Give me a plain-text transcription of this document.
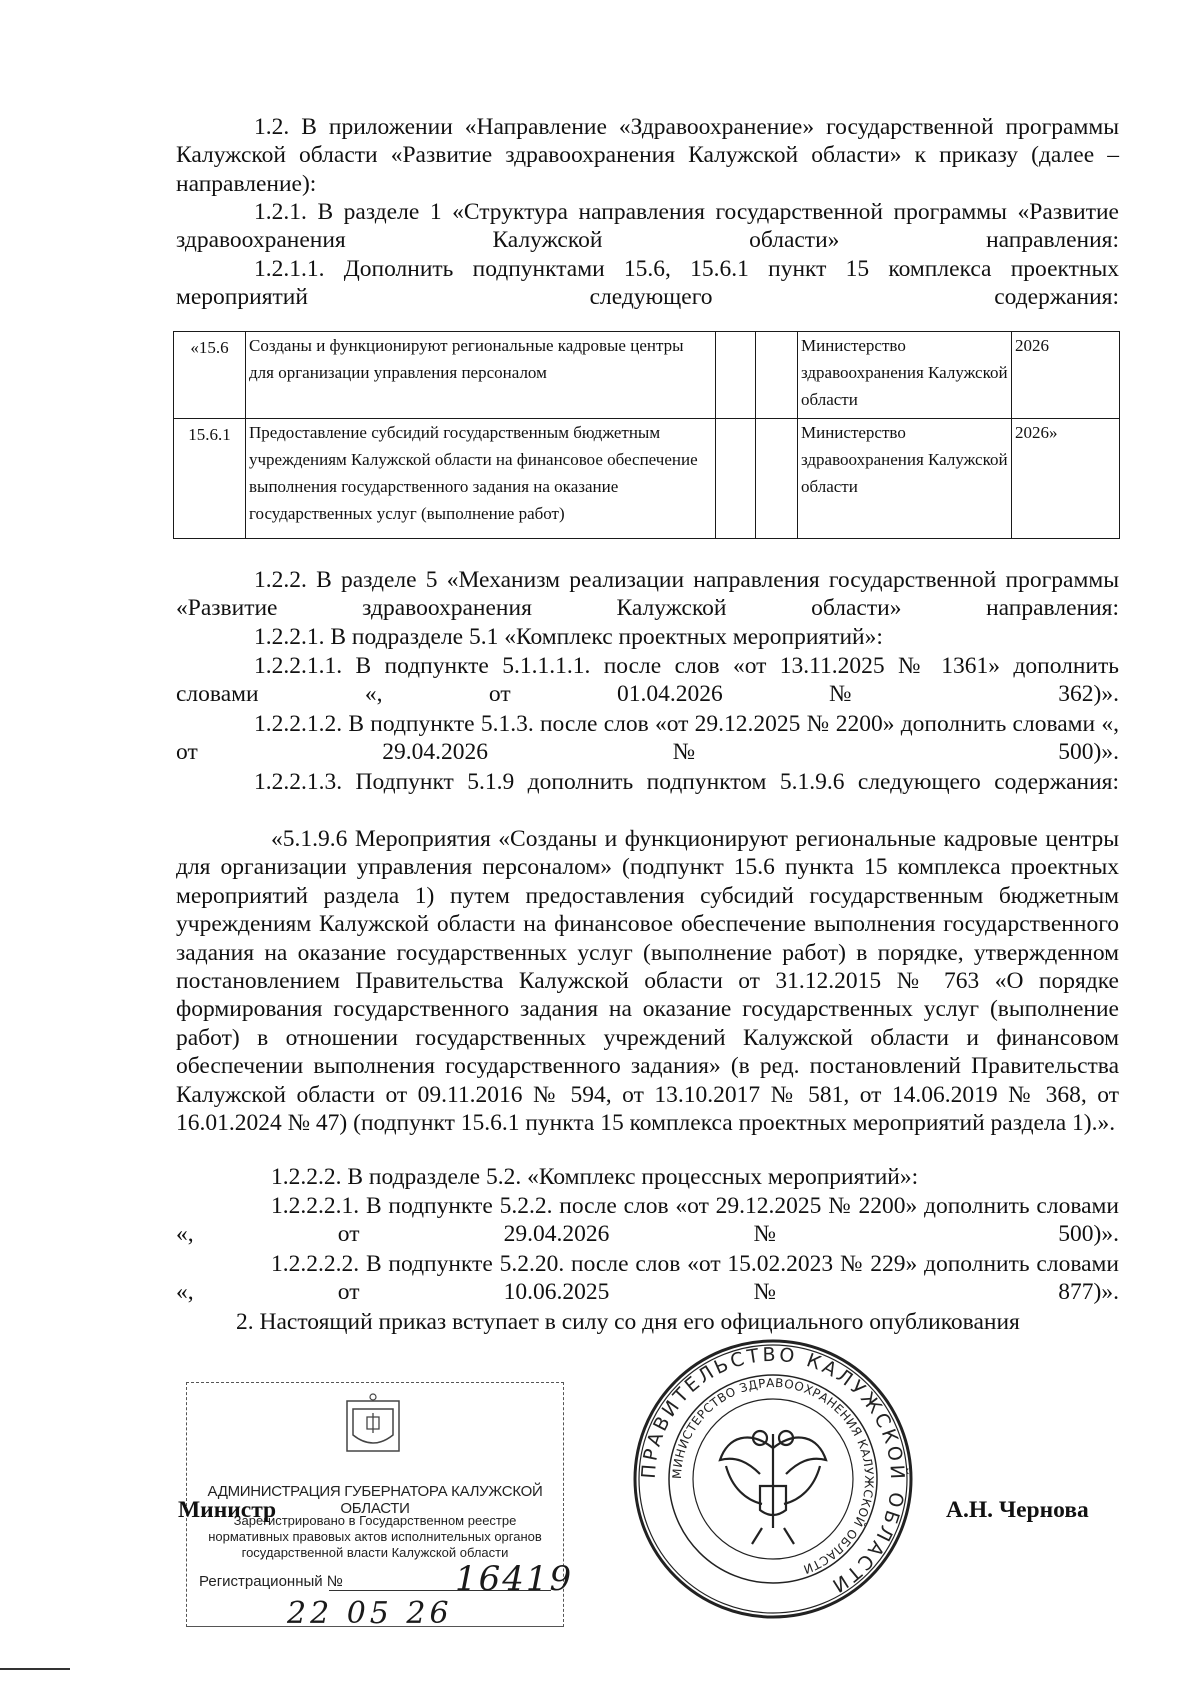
1.2. В приложении «Направление «Здравоохранение» государственной программы Калужской области «Развитие здравоохранения Калужской области» к приказу (далее – направление):

1.2.1. В разделе 1 «Структура направления государственной программы «Развитие здравоохранения Калужской области» направления:

1.2.1.1. Дополнить подпунктами 15.6, 15.6.1 пункт 15 комплекса проектных мероприятий следующего содержания:

«15.6	Созданы и функционируют региональные кадровые центры для организации управления персоналом			Министерство здравоохранения Калужской области	2026
15.6.1	Предоставление субсидий государственным бюджетным учреждениям Калужской области на финансовое обеспечение выполнения государственного задания на оказание государственных услуг (выполнение работ)			Министерство здравоохранения Калужской области	2026»

1.2.2. В разделе 5 «Механизм реализации направления государственной программы «Развитие здравоохранения Калужской области» направления:

1.2.2.1. В подразделе 5.1 «Комплекс проектных мероприятий»:

1.2.2.1.1. В подпункте 5.1.1.1.1. после слов «от 13.11.2025 № 1361» дополнить словами «, от 01.04.2026 № 362)».

1.2.2.1.2. В подпункте 5.1.3. после слов «от 29.12.2025 № 2200» дополнить словами «, от 29.04.2026 № 500)».

1.2.2.1.3. Подпункт 5.1.9 дополнить подпунктом 5.1.9.6 следующего содержания:

«5.1.9.6 Мероприятия «Созданы и функционируют региональные кадровые центры для организации управления персоналом» (подпункт 15.6 пункта 15 комплекса проектных мероприятий раздела 1) путем предоставления субсидий государственным бюджетным учреждениям Калужской области на финансовое обеспечение выполнения государственного задания на оказание государственных услуг (выполнение работ) в порядке, утвержденном постановлением Правительства Калужской области от 31.12.2015 № 763 «О порядке формирования государственного задания на оказание государственных услуг (выполнение работ) в отношении государственных учреждений Калужской области и финансовом обеспечении выполнения государственного задания» (в ред. постановлений Правительства Калужской области от 09.11.2016 № 594, от 13.10.2017 № 581, от 14.06.2019 № 368, от 16.01.2024 № 47) (подпункт 15.6.1 пункта 15 комплекса проектных мероприятий раздела 1).».

1.2.2.2. В подразделе 5.2. «Комплекс процессных мероприятий»:

1.2.2.2.1. В подпункте 5.2.2. после слов «от 29.12.2025 № 2200» дополнить словами «, от 29.04.2026 № 500)».

1.2.2.2.2. В подпункте 5.2.20. после слов «от 15.02.2023 № 229» дополнить словами «, от 10.06.2025 № 877)».

2. Настоящий приказ вступает в силу со дня его официального опубликования

АДМИНИСТРАЦИЯ ГУБЕРНАТОРА КАЛУЖСКОЙ ОБЛАСТИ
Зарегистрировано в Государственном реестре нормативных правовых актов исполнительных органов государственной власти Калужской области
Регистрационный №	16419
22 05 26
Министр	А.Н. Чернова
ПРАВИТЕЛЬСТВО КАЛУЖСКОЙ ОБЛАСТИ
МИНИСТЕРСТВО ЗДРАВООХРАНЕНИЯ КАЛУЖСКОЙ ОБЛАСТИ
